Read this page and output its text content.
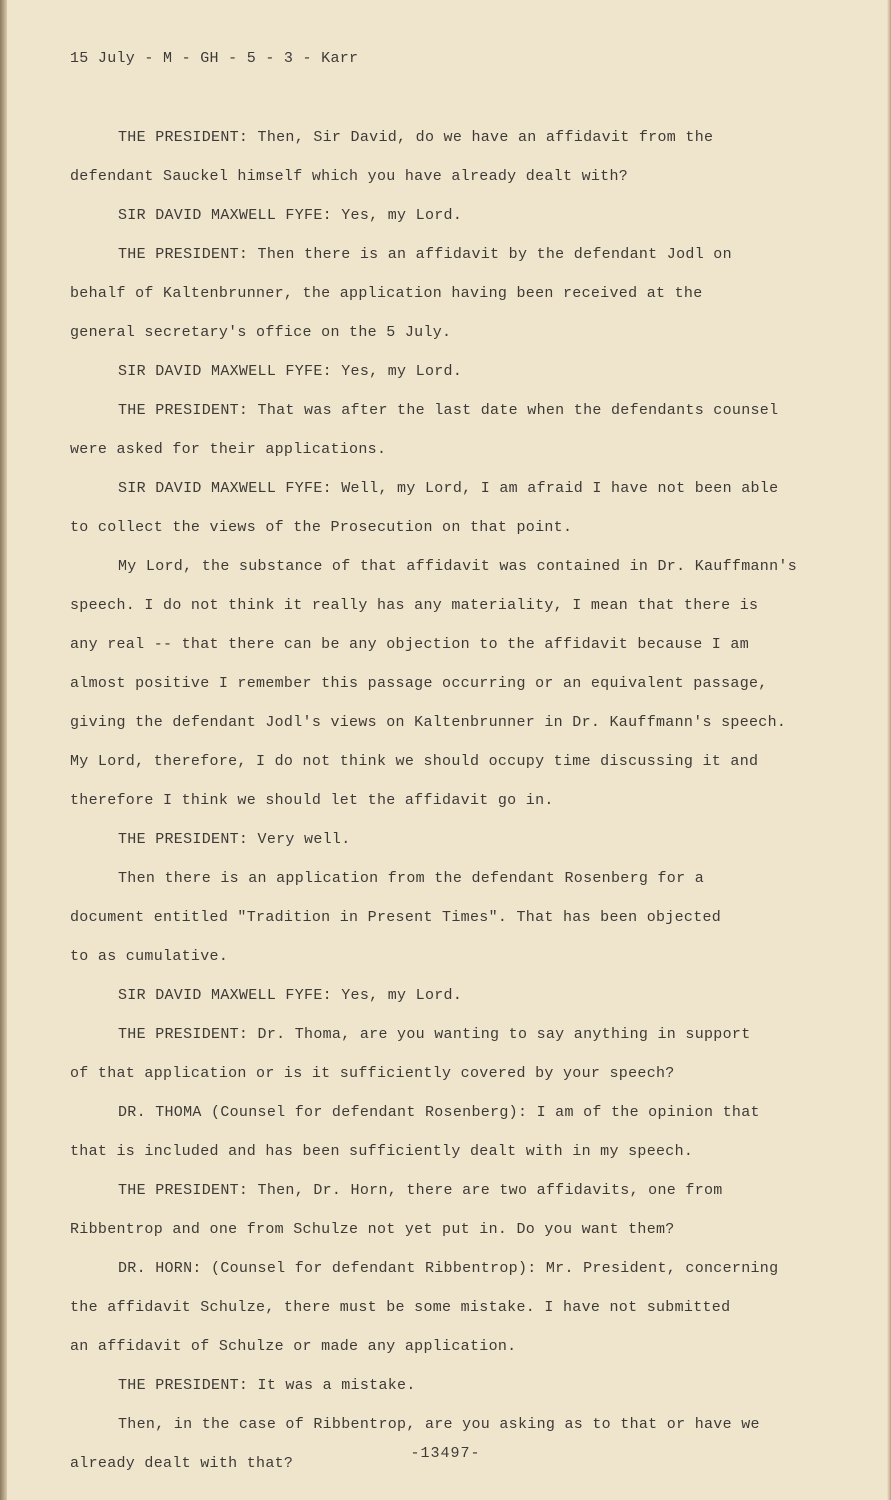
15 July - M - GH - 5 - 3 - Karr

THE PRESIDENT: Then, Sir David, do we have an affidavit from the
defendant Sauckel himself which you have already dealt with?

SIR DAVID MAXWELL FYFE: Yes, my Lord.

THE PRESIDENT: Then there is an affidavit by the defendant Jodl on
behalf of Kaltenbrunner, the application having been received at the
general secretary's office on the 5 July.

SIR DAVID MAXWELL FYFE: Yes, my Lord.

THE PRESIDENT: That was after the last date when the defendants counsel
were asked for their applications.

SIR DAVID MAXWELL FYFE: Well, my Lord, I am afraid I have not been able
to collect the views of the Prosecution on that point.

My Lord, the substance of that affidavit was contained in Dr. Kauffmann's
speech. I do not think it really has any materiality, I mean that there is
any real -- that there can be any objection to the affidavit because I am
almost positive I remember this passage occurring or an equivalent passage,
giving the defendant Jodl's views on Kaltenbrunner in Dr. Kauffmann's speech.
My Lord, therefore, I do not think we should occupy time discussing it and
therefore I think we should let the affidavit go in.

THE PRESIDENT: Very well.

Then there is an application from the defendant Rosenberg for a
document entitled "Tradition in Present Times". That has been objected
to as cumulative.

SIR DAVID MAXWELL FYFE: Yes, my Lord.

THE PRESIDENT: Dr. Thoma, are you wanting to say anything in support
of that application or is it sufficiently covered by your speech?

DR. THOMA (Counsel for defendant Rosenberg): I am of the opinion that
that is included and has been sufficiently dealt with in my speech.

THE PRESIDENT: Then, Dr. Horn, there are two affidavits, one from
Ribbentrop and one from Schulze not yet put in. Do you want them?

DR. HORN: (Counsel for defendant Ribbentrop): Mr. President, concerning
the affidavit Schulze, there must be some mistake. I have not submitted
an affidavit of Schulze or made any application.

THE PRESIDENT: It was a mistake.

Then, in the case of Ribbentrop, are you asking as to that or have we
already dealt with that?

-13497-
